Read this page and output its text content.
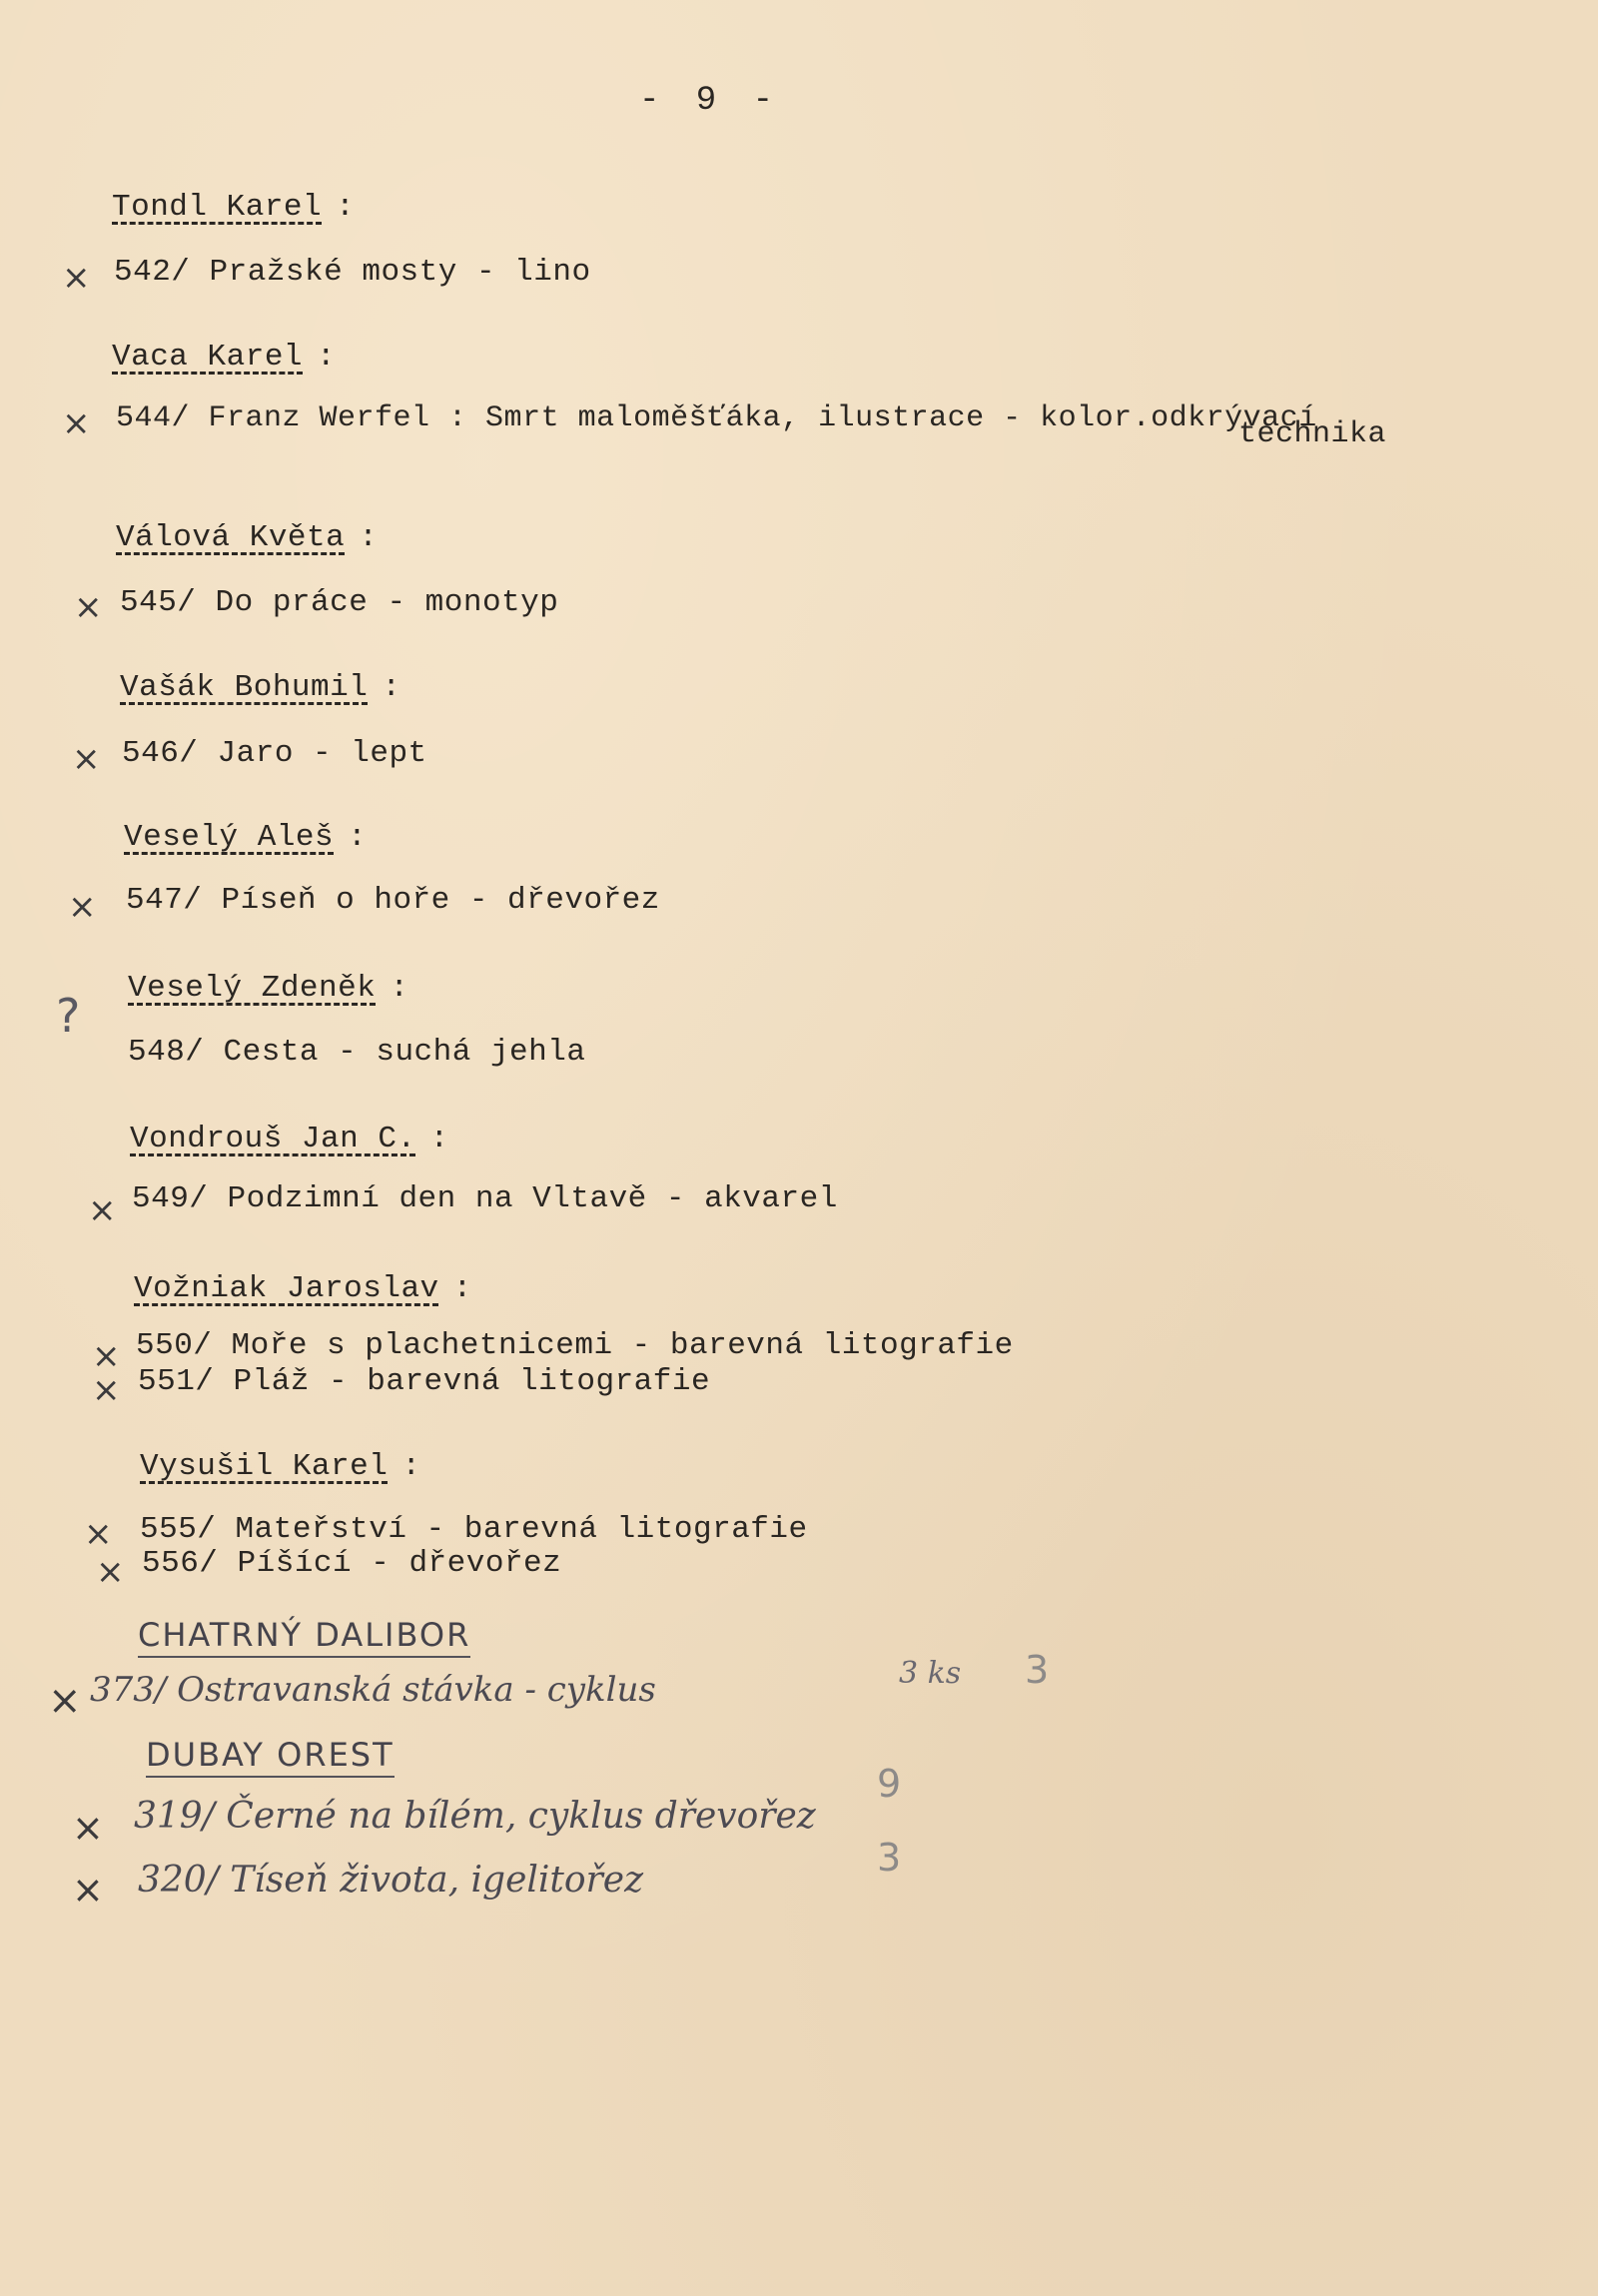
- 9 -
Tondl Karel :
× 542/ Pražské mosty - lino
Vaca Karel :
× 544/ Franz Werfel : Smrt maloměšťáka, ilustrace - kolor.odkrývací
technika
Válová Květa :
× 545/ Do práce - monotyp
Vašák Bohumil :
× 546/ Jaro - lept
Veselý Aleš :
× 547/ Píseň o hoře - dřevořez
Veselý Zdeněk :
?
548/ Cesta - suchá jehla
Vondrouš Jan C. :
× 549/ Podzimní den na Vltavě - akvarel
Vožniak Jaroslav :
× 550/ Moře s plachetnicemi - barevná litografie
× 551/ Pláž - barevná litografie
Vysušil Karel :
× 555/ Mateřství - barevná litografie
× 556/ Píšící - dřevořez
CHATRNÝ DALIBOR
× 373/ Ostravanská stávka - cyklus	3 ks 3
DUBAY OREST
× 319/ Černé na bílém, cyklus dřevořez
9
× 320/ Tíseň života, igelitořez
3
